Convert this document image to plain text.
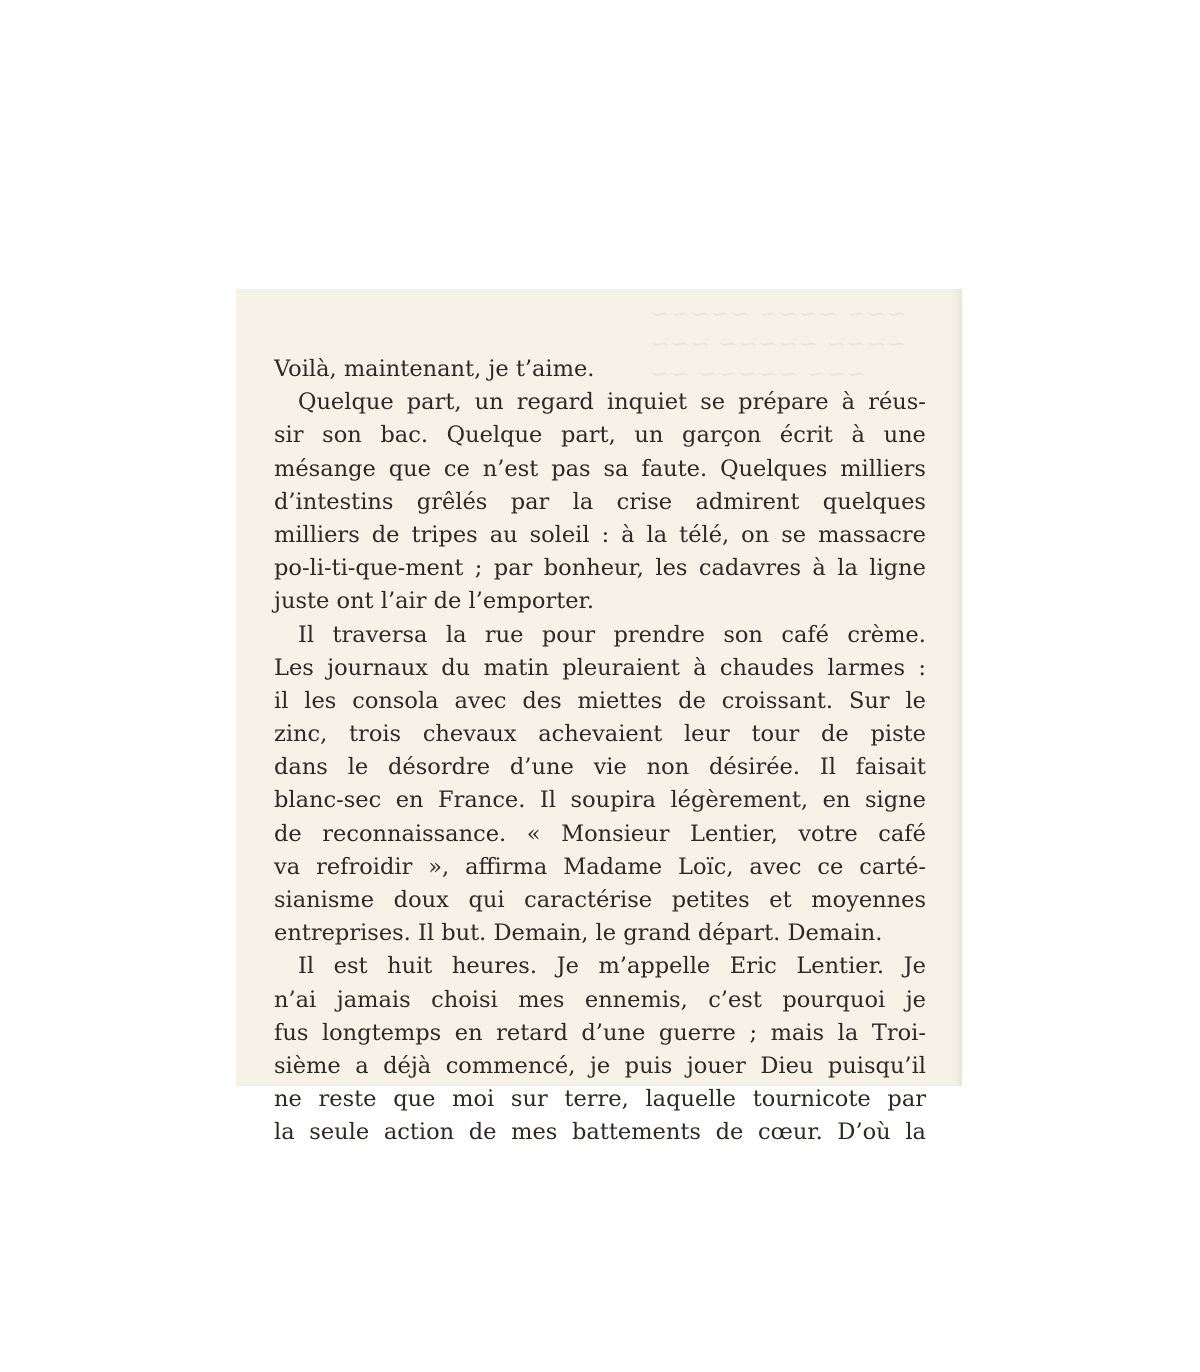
~~~ ~~~~ ~~~~~
~~~~ ~~~~~ ~~~
~~~ ~~~~~ ~~
Voilà, maintenant, je t’aime.
Quelque part, un regard inquiet se prépare à réus-
sir son bac. Quelque part, un garçon écrit à une
mésange que ce n’est pas sa faute. Quelques milliers
d’intestins grêlés par la crise admirent quelques
milliers de tripes au soleil : à la télé, on se massacre
po-li-ti-que-ment ; par bonheur, les cadavres à la ligne
juste ont l’air de l’emporter.
Il traversa la rue pour prendre son café crème.
Les journaux du matin pleuraient à chaudes larmes :
il les consola avec des miettes de croissant. Sur le
zinc, trois chevaux achevaient leur tour de piste
dans le désordre d’une vie non désirée. Il faisait
blanc-sec en France. Il soupira légèrement, en signe
de reconnaissance. « Monsieur Lentier, votre café
va refroidir », affirma Madame Loïc, avec ce carté-
sianisme doux qui caractérise petites et moyennes
entreprises. Il but. Demain, le grand départ. Demain.
Il est huit heures. Je m’appelle Eric Lentier. Je
n’ai jamais choisi mes ennemis, c’est pourquoi je
fus longtemps en retard d’une guerre ; mais la Troi-
sième a déjà commencé, je puis jouer Dieu puisqu’il
ne reste que moi sur terre, laquelle tournicote par
la seule action de mes battements de cœur. D’où la
